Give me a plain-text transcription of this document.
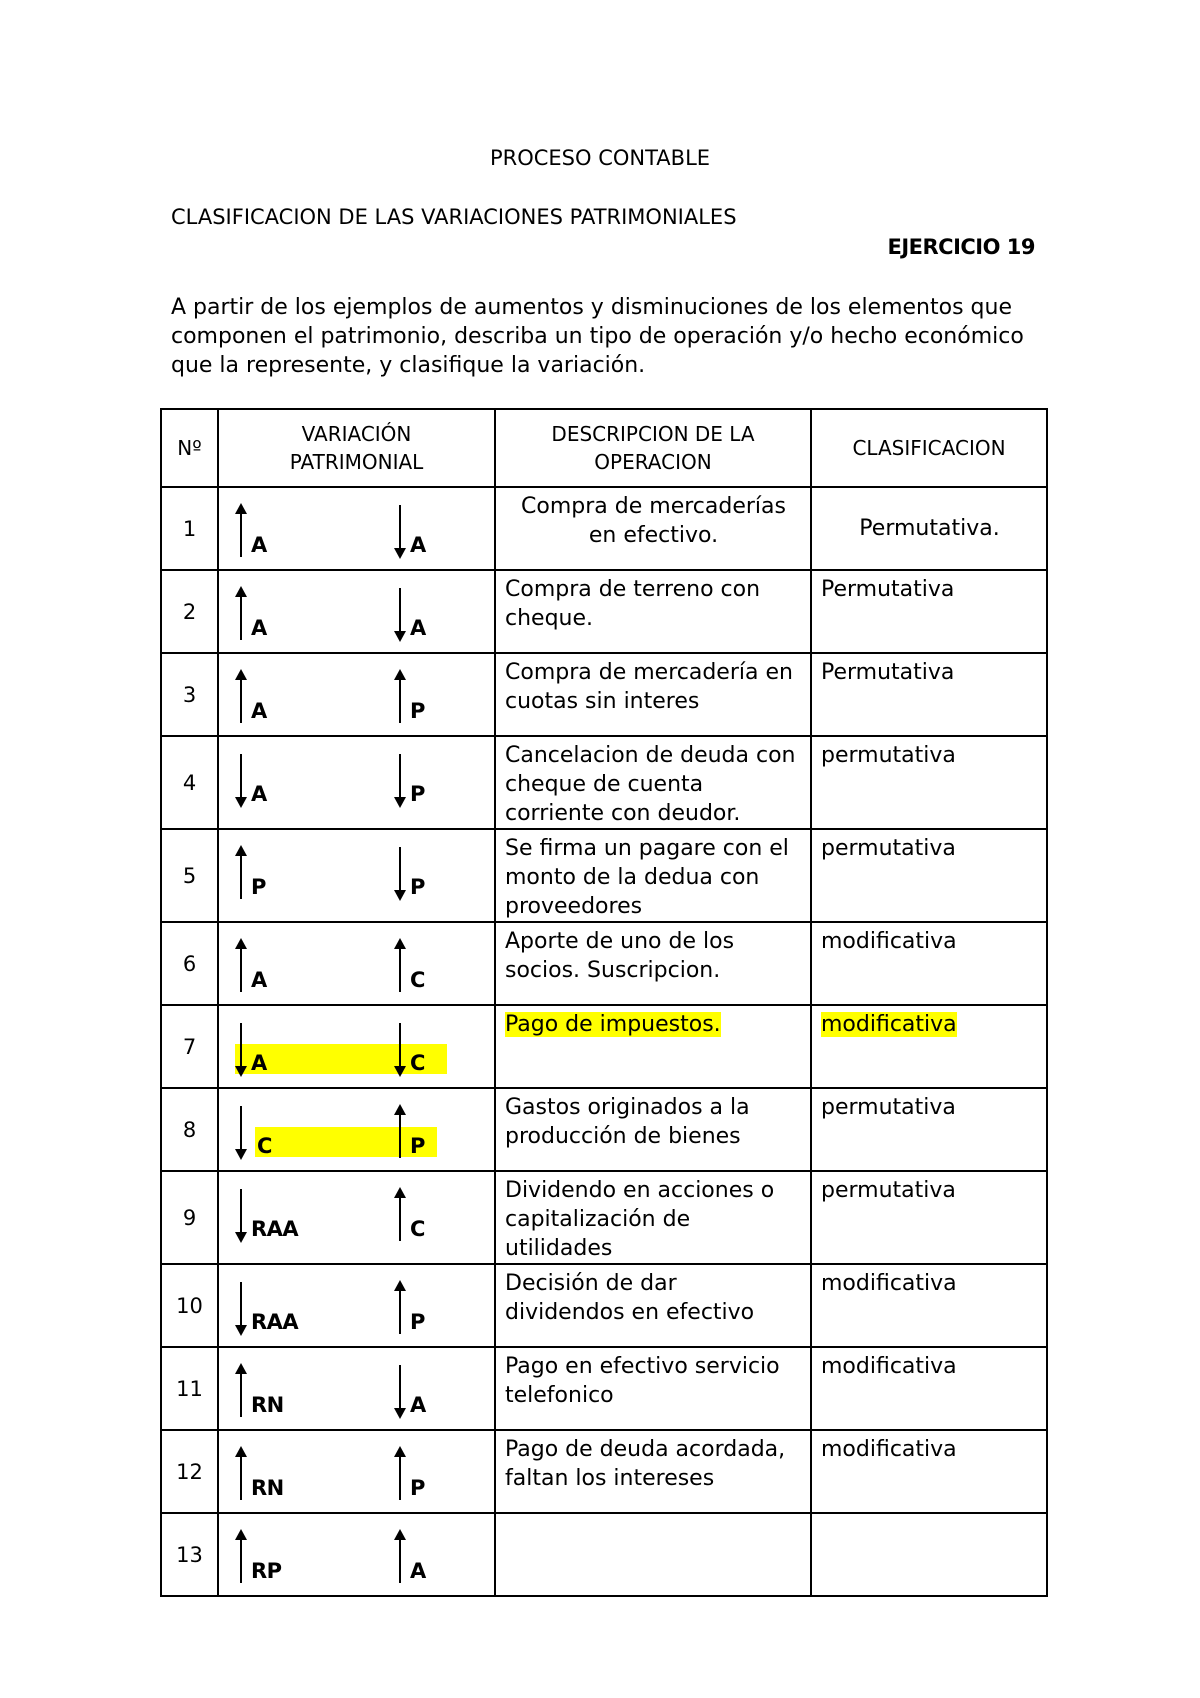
PROCESO CONTABLE
CLASIFICACION DE LAS VARIACIONES PATRIMONIALES
EJERCICIO 19
A partir de los ejemplos de aumentos y disminuciones de los elementos que
componen el patrimonio, describa un tipo de operación y/o hecho económico
que la represente, y clasifique la variación.
Nº	VARIACIÓN PATRIMONIAL	DESCRIPCION DE LA OPERACION	CLASIFICACION
1	A A	Compra de mercaderías en efectivo.	Permutativa.
2	A A	Compra de terreno con cheque.	Permutativa
3	A P	Compra de mercadería en cuotas sin interes	Permutativa
4	A P	Cancelacion de deuda con cheque de cuenta corriente con deudor.	permutativa
5	P P	Se firma un pagare con el monto de la dedua con proveedores	permutativa
6	A C	Aporte de uno de los socios. Suscripcion.	modificativa
7	A C	Pago de impuestos.	modificativa
8	C P	Gastos originados a la producción de bienes	permutativa
9	RAA C	Dividendo en acciones o capitalización de utilidades	permutativa
10	RAA P	Decisión de dar dividendos en efectivo	modificativa
11	RN A	Pago en efectivo servicio telefonico	modificativa
12	RN P	Pago de deuda acordada, faltan los intereses	modificativa
13	RP A		
